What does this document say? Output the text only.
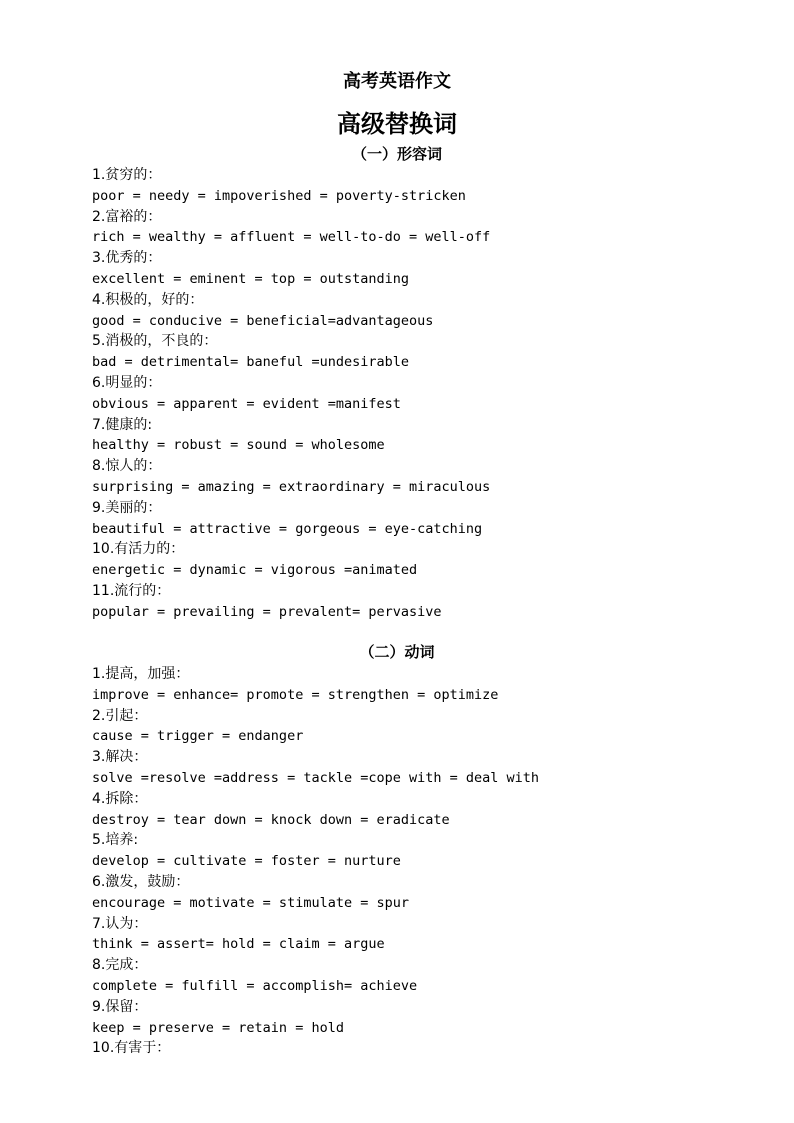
高考英语作文
高级替换词
（一）形容词
1.贫穷的：
poor = needy = impoverished = poverty-stricken
2.富裕的：
rich = wealthy = affluent = well-to-do = well-off
3.优秀的：
excellent = eminent = top = outstanding
4.积极的，好的：
good = conducive = beneficial=advantageous
5.消极的，不良的：
bad = detrimental= baneful =undesirable
6.明显的：
obvious = apparent = evident =manifest
7.健康的:
healthy = robust = sound = wholesome
8.惊人的：
surprising = amazing = extraordinary = miraculous
9.美丽的：
beautiful = attractive = gorgeous = eye-catching
10.有活力的：
energetic = dynamic = vigorous =animated
11.流行的：
popular = prevailing = prevalent= pervasive
（二）动词
1.提高，加强：
improve = enhance= promote = strengthen = optimize
2.引起：
cause = trigger = endanger
3.解决：
solve =resolve =address = tackle =cope with = deal with
4.拆除：
destroy = tear down = knock down = eradicate
5.培养:
develop = cultivate = foster = nurture
6.激发，鼓励：
encourage = motivate = stimulate = spur
7.认为：
think = assert= hold = claim = argue
8.完成：
complete = fulfill = accomplish= achieve
9.保留：
keep = preserve = retain = hold
10.有害于：
